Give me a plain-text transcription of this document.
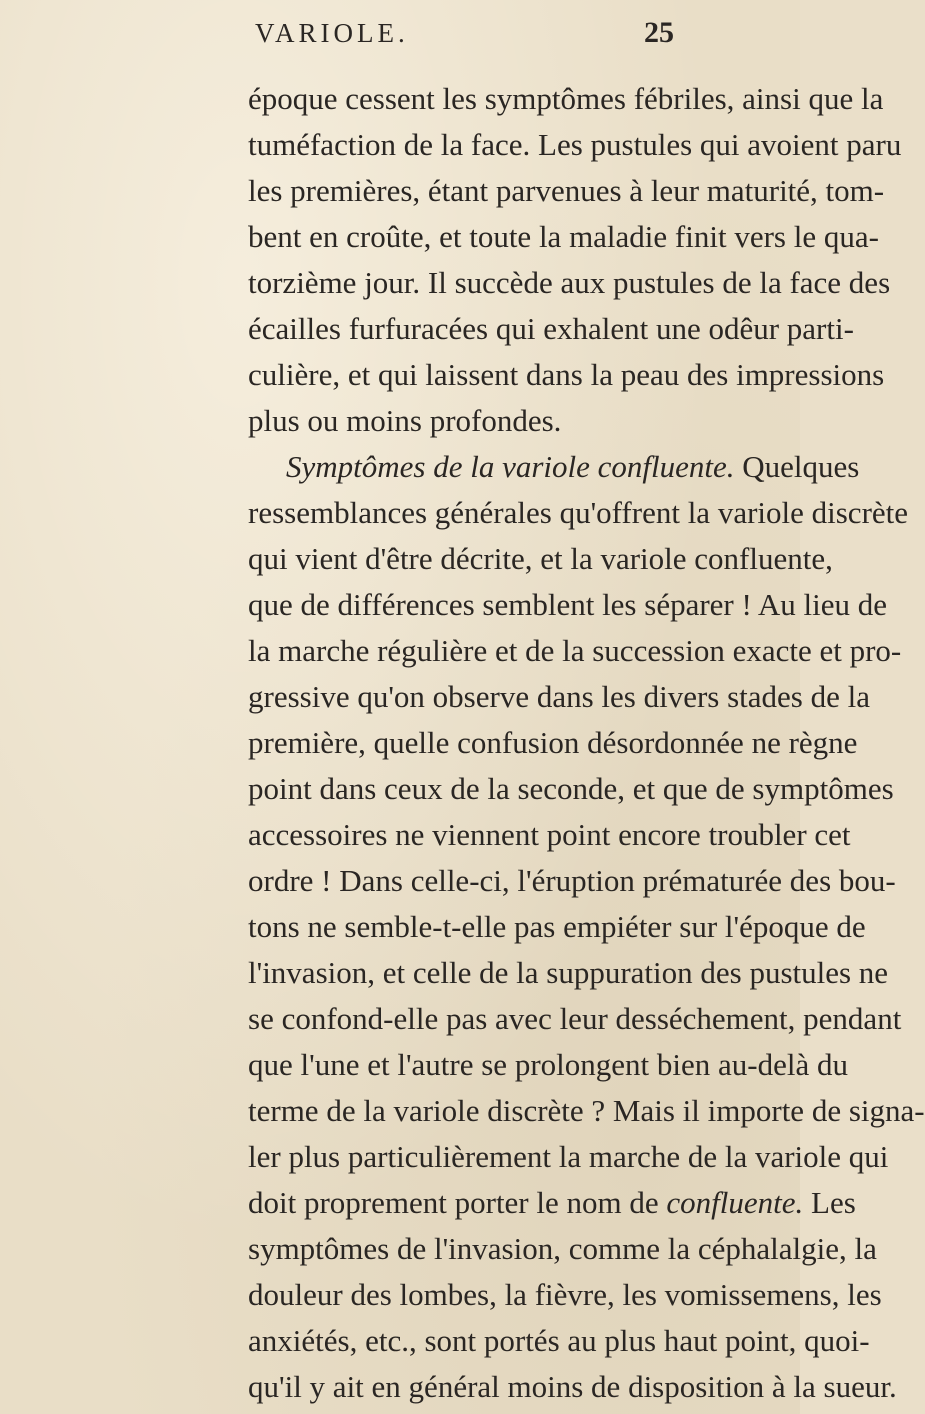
VARIOLE.	25
époque cessent les symptômes fébriles, ainsi que la
tuméfaction de la face. Les pustules qui avoient paru
les premières, étant parvenues à leur maturité, tom-
bent en croûte, et toute la maladie finit vers le qua-
torzième jour. Il succède aux pustules de la face des
écailles furfuracées qui exhalent une odêur parti-
culière, et qui laissent dans la peau des impressions
plus ou moins profondes.
Symptômes de la variole confluente. Quelques
ressemblances générales qu'offrent la variole discrète
qui vient d'être décrite, et la variole confluente,
que de différences semblent les séparer ! Au lieu de
la marche régulière et de la succession exacte et pro-
gressive qu'on observe dans les divers stades de la
première, quelle confusion désordonnée ne règne
point dans ceux de la seconde, et que de symptômes
accessoires ne viennent point encore troubler cet
ordre ! Dans celle-ci, l'éruption prématurée des bou-
tons ne semble-t-elle pas empiéter sur l'époque de
l'invasion, et celle de la suppuration des pustules ne
se confond-elle pas avec leur desséchement, pendant
que l'une et l'autre se prolongent bien au-delà du
terme de la variole discrète ? Mais il importe de signa-
ler plus particulièrement la marche de la variole qui
doit proprement porter le nom de confluente. Les
symptômes de l'invasion, comme la céphalalgie, la
douleur des lombes, la fièvre, les vomissemens, les
anxiétés, etc., sont portés au plus haut point, quoi-
qu'il y ait en général moins de disposition à la sueur.
